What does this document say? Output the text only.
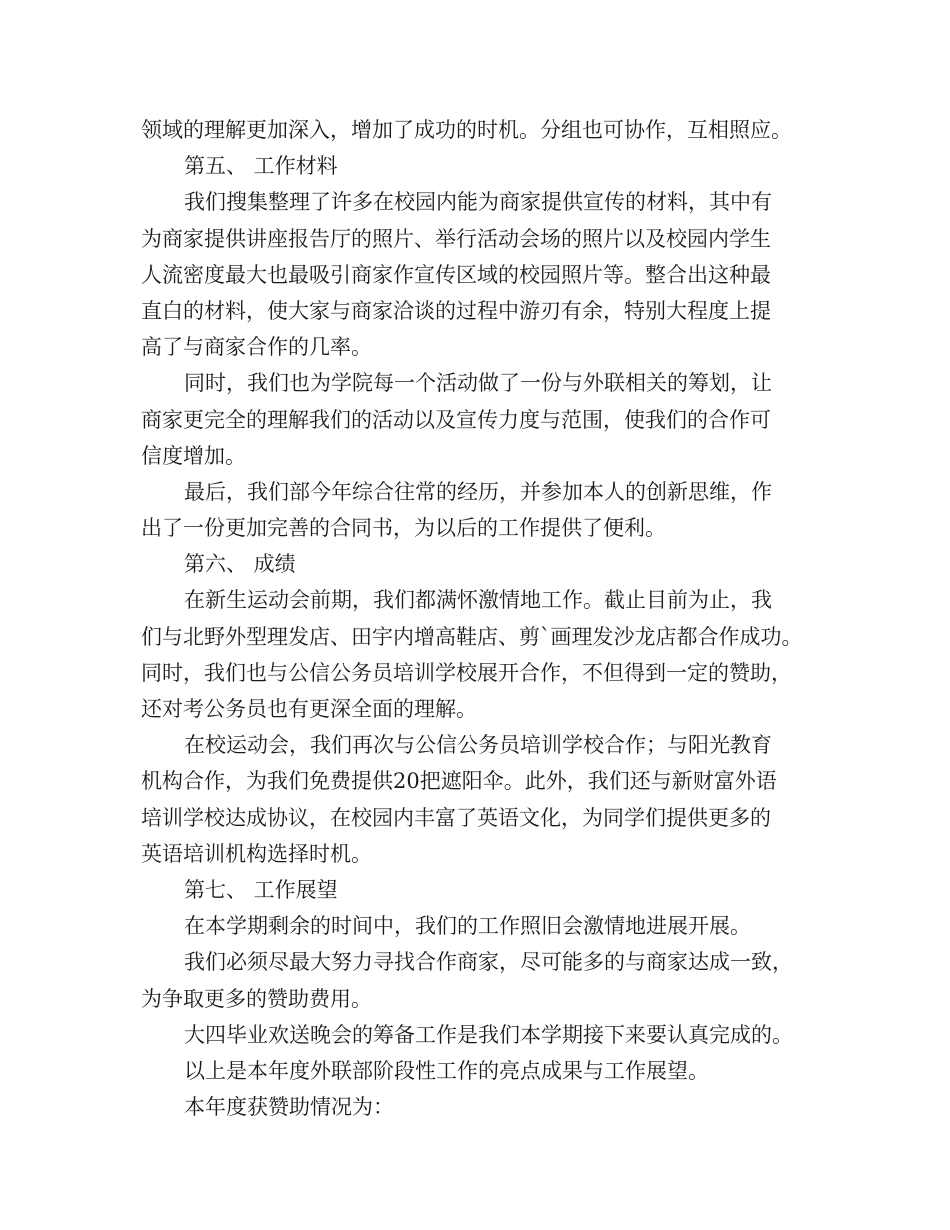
领域的理解更加深入，增加了成功的时机。分组也可协作，互相照应。
第五、 工作材料
我们搜集整理了许多在校园内能为商家提供宣传的材料，其中有
为商家提供讲座报告厅的照片、举行活动会场的照片以及校园内学生
人流密度最大也最吸引商家作宣传区域的校园照片等。整合出这种最
直白的材料，使大家与商家洽谈的过程中游刃有余，特别大程度上提
高了与商家合作的几率。
同时，我们也为学院每一个活动做了一份与外联相关的筹划，让
商家更完全的理解我们的活动以及宣传力度与范围，使我们的合作可
信度增加。
最后，我们部今年综合往常的经历，并参加本人的创新思维，作
出了一份更加完善的合同书，为以后的工作提供了便利。
第六、 成绩
在新生运动会前期，我们都满怀激情地工作。截止目前为止，我
们与北野外型理发店、田宇内增高鞋店、剪`画理发沙龙店都合作成功。
同时，我们也与公信公务员培训学校展开合作，不但得到一定的赞助，
还对考公务员也有更深全面的理解。
在校运动会，我们再次与公信公务员培训学校合作；与阳光教育
机构合作，为我们免费提供20把遮阳伞。此外，我们还与新财富外语
培训学校达成协议，在校园内丰富了英语文化，为同学们提供更多的
英语培训机构选择时机。
第七、 工作展望
在本学期剩余的时间中，我们的工作照旧会激情地进展开展。
我们必须尽最大努力寻找合作商家，尽可能多的与商家达成一致，
为争取更多的赞助费用。
大四毕业欢送晚会的筹备工作是我们本学期接下来要认真完成的。
以上是本年度外联部阶段性工作的亮点成果与工作展望。
本年度获赞助情况为：
